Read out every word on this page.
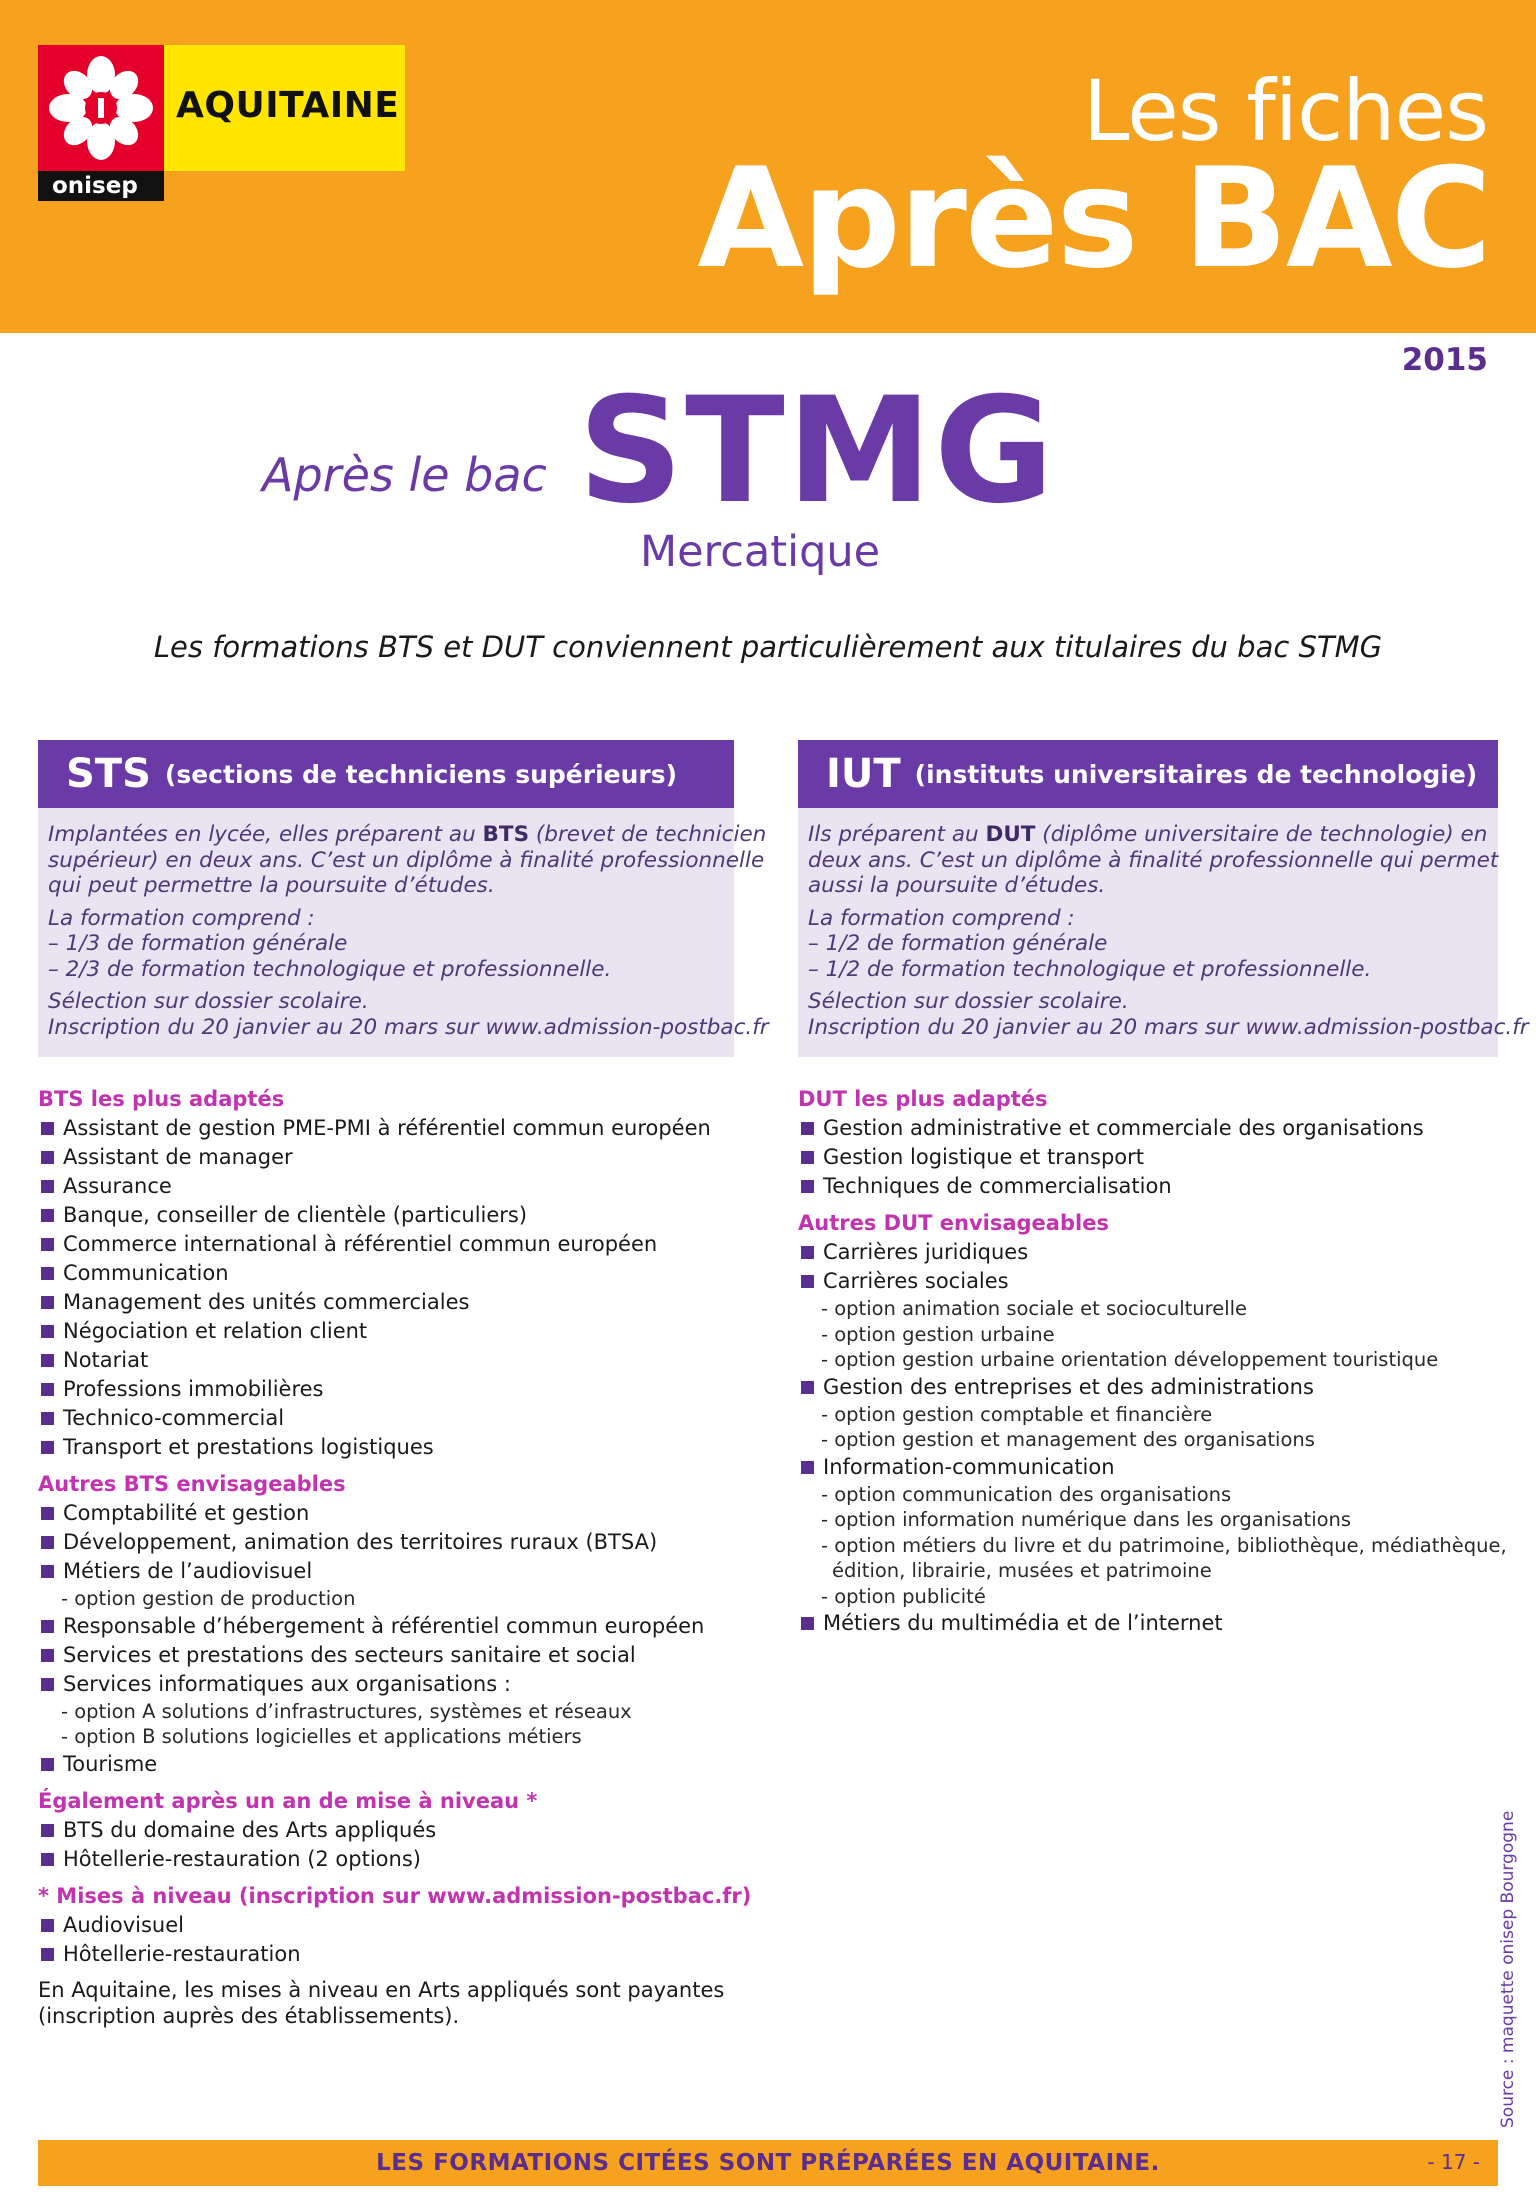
AQUITAINE
onisep
Les fiches
Après BAC
2015
Après le bac STMG
Mercatique
Les formations BTS et DUT conviennent particulièrement aux titulaires du bac STMG
STS (sections de techniciens supérieurs)
Implantées en lycée, elles préparent au BTS (brevet de technicien
supérieur) en deux ans. C’est un diplôme à finalité professionnelle
qui peut permettre la poursuite d’études.
La formation comprend :
– 1/3 de formation générale
– 2/3 de formation technologique et professionnelle.
Sélection sur dossier scolaire.
Inscription du 20 janvier au 20 mars sur www.admission-postbac.fr
BTS les plus adaptés
Assistant de gestion PME-PMI à référentiel commun européen
Assistant de manager
Assurance
Banque, conseiller de clientèle (particuliers)
Commerce international à référentiel commun européen
Communication
Management des unités commerciales
Négociation et relation client
Notariat
Professions immobilières
Technico-commercial
Transport et prestations logistiques
Autres BTS envisageables
Comptabilité et gestion
Développement, animation des territoires ruraux (BTSA)
Métiers de l’audiovisuel
- option gestion de production
Responsable d’hébergement à référentiel commun européen
Services et prestations des secteurs sanitaire et social
Services informatiques aux organisations :
- option A solutions d’infrastructures, systèmes et réseaux
- option B solutions logicielles et applications métiers
Tourisme
Également après un an de mise à niveau *
BTS du domaine des Arts appliqués
Hôtellerie-restauration (2 options)
* Mises à niveau (inscription sur www.admission-postbac.fr)
Audiovisuel
Hôtellerie-restauration
En Aquitaine, les mises à niveau en Arts appliqués sont payantes
(inscription auprès des établissements).
IUT (instituts universitaires de technologie)
Ils préparent au DUT (diplôme universitaire de technologie) en
deux ans. C’est un diplôme à finalité professionnelle qui permet
aussi la poursuite d’études.
La formation comprend :
– 1/2 de formation générale
– 1/2 de formation technologique et professionnelle.
Sélection sur dossier scolaire.
Inscription du 20 janvier au 20 mars sur www.admission-postbac.fr
DUT les plus adaptés
Gestion administrative et commerciale des organisations
Gestion logistique et transport
Techniques de commercialisation
Autres DUT envisageables
Carrières juridiques
Carrières sociales
- option animation sociale et socioculturelle
- option gestion urbaine
- option gestion urbaine orientation développement touristique
Gestion des entreprises et des administrations
- option gestion comptable et financière
- option gestion et management des organisations
Information-communication
- option communication des organisations
- option information numérique dans les organisations
- option métiers du livre et du patrimoine, bibliothèque, médiathèque,
édition, librairie, musées et patrimoine
- option publicité
Métiers du multimédia et de l’internet
Source : maquette onisep Bourgogne
LES FORMATIONS CITÉES SONT PRÉPARÉES EN AQUITAINE.	- 17 -
